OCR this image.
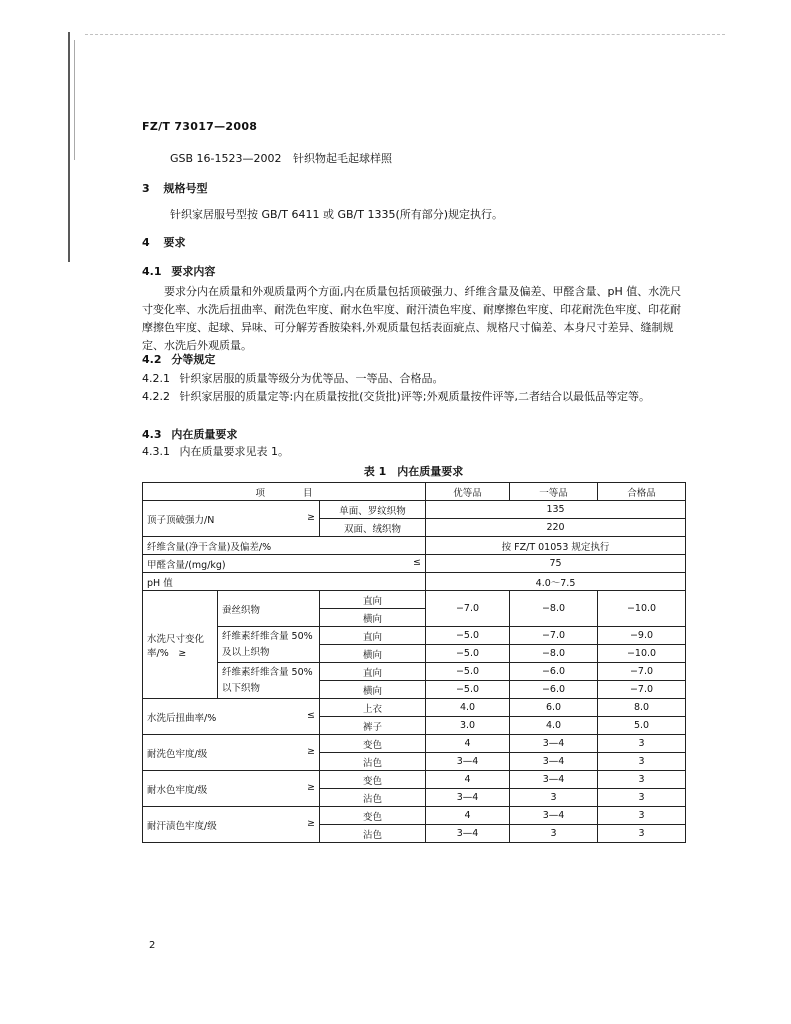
FZ/T 73017—2008
GSB 16-1523—2002 针织物起毛起球样照
3 规格号型
针织家居服号型按 GB/T 6411 或 GB/T 1335(所有部分)规定执行。
4 要求
4.1 要求内容
要求分内在质量和外观质量两个方面,内在质量包括顶破强力、纤维含量及偏差、甲醛含量、pH 值、水洗尺寸变化率、水洗后扭曲率、耐洗色牢度、耐水色牢度、耐汗渍色牢度、耐摩擦色牢度、印花耐洗色牢度、印花耐摩擦色牢度、起球、异味、可分解芳香胺染料,外观质量包括表面疵点、规格尺寸偏差、本身尺寸差异、缝制规定、水洗后外观质量。
4.2 分等规定
4.2.1 针织家居服的质量等级分为优等品、一等品、合格品。
4.2.2 针织家居服的质量定等:内在质量按批(交货批)评等;外观质量按件评等,二者结合以最低品等定等。
4.3 内在质量要求
4.3.1 内在质量要求见表 1。
表 1　内在质量要求
项　　　　目			优等品	一等品	合格品
顶子顶破强力/N ≥		单面、罗纹织物	135		
		双面、绒织物	220		
纤维含量(净干含量)及偏差/%			按 FZ/T 01053 规定执行		
甲醛含量/(mg/kg) ≤			75		
pH 值			4.0～7.5		
水洗尺寸变化率/%　≥	蚕丝织物	直向	−7.0	−8.0	−10.0
		横向			
	纤维素纤维含量 50%及以上织物	直向	−5.0	−7.0	−9.0
		横向	−5.0	−8.0	−10.0
	纤维素纤维含量 50%以下织物	直向	−5.0	−6.0	−7.0
		横向	−5.0	−6.0	−7.0
水洗后扭曲率/% ≤		上衣	4.0	6.0	8.0
		裤子	3.0	4.0	5.0
耐洗色牢度/级 ≥		变色	4	3—4	3
		沾色	3—4	3—4	3
耐水色牢度/级 ≥		变色	4	3—4	3
		沾色	3—4	3	3
耐汗渍色牢度/级 ≥		变色	4	3—4	3
		沾色	3—4	3	3
2
